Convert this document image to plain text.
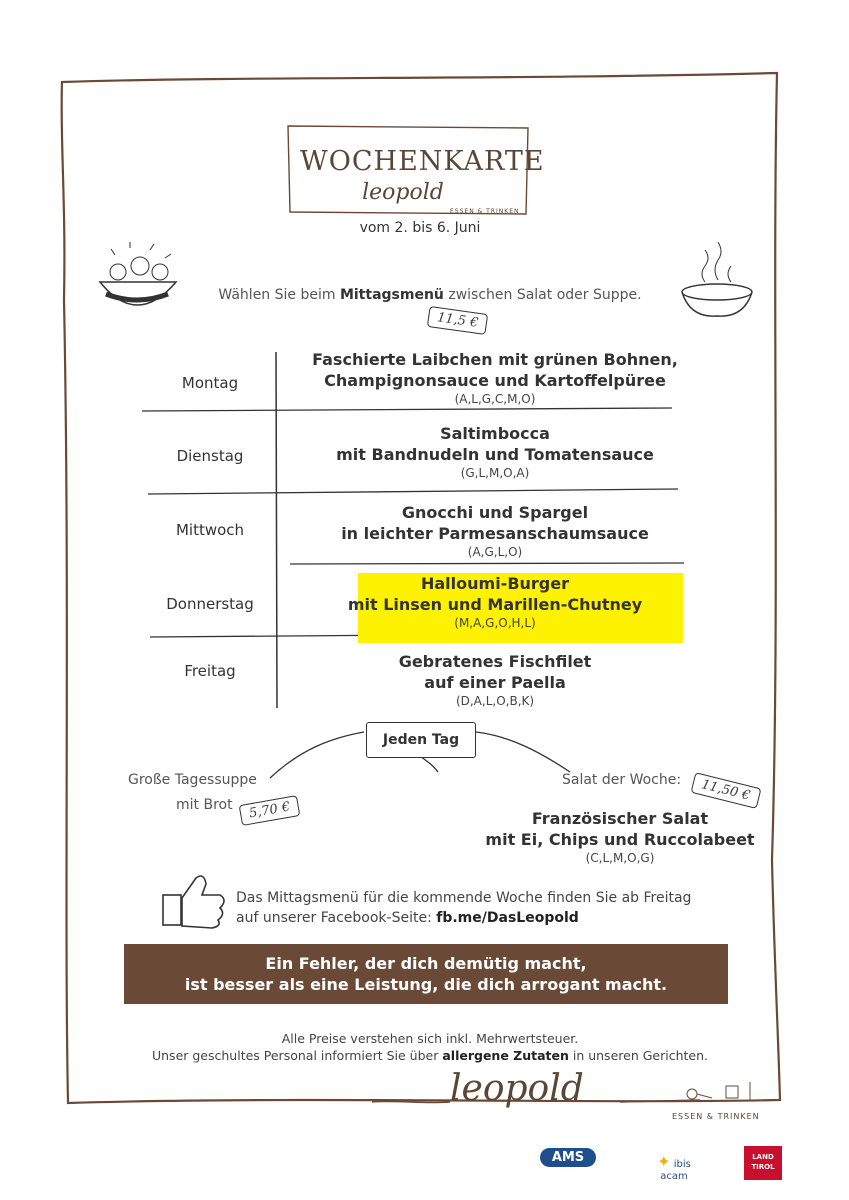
WOCHENKARTE
leopold
ESSEN & TRINKEN
vom 2. bis 6. Juni
Wählen Sie beim Mittagsmenü zwischen Salat oder Suppe.
11,5 €
Montag
Faschierte Laibchen mit grünen Bohnen,
Champignonsauce und Kartoffelpüree
(A,L,G,C,M,O)
Dienstag
Saltimbocca
mit Bandnudeln und Tomatensauce
(G,L,M,O,A)
Mittwoch
Gnocchi und Spargel
in leichter Parmesanschaumsauce
(A,G,L,O)
Donnerstag
Halloumi-Burger
mit Linsen und Marillen-Chutney
(M,A,G,O,H,L)
Freitag	Gebratenes Fischfilet
auf einer Paella
(D,A,L,O,B,K)
Jeden Tag
Große Tagessuppe
mit Brot	5,70 €
Salat der Woche:	11,50 €
Französischer Salat
mit Ei, Chips und Ruccolabeet
(C,L,M,O,G)
Das Mittagsmenü für die kommende Woche finden Sie ab Freitag
auf unserer Facebook-Seite: fb.me/DasLeopold
Ein Fehler, der dich demütig macht,
ist besser als eine Leistung, die dich arrogant macht.
Alle Preise verstehen sich inkl. Mehrwertsteuer.
Unser geschultes Personal informiert Sie über allergene Zutaten in unseren Gerichten.
leopold
ESSEN & TRINKEN
AMS	✦ ibis acam
LAND TIROL
